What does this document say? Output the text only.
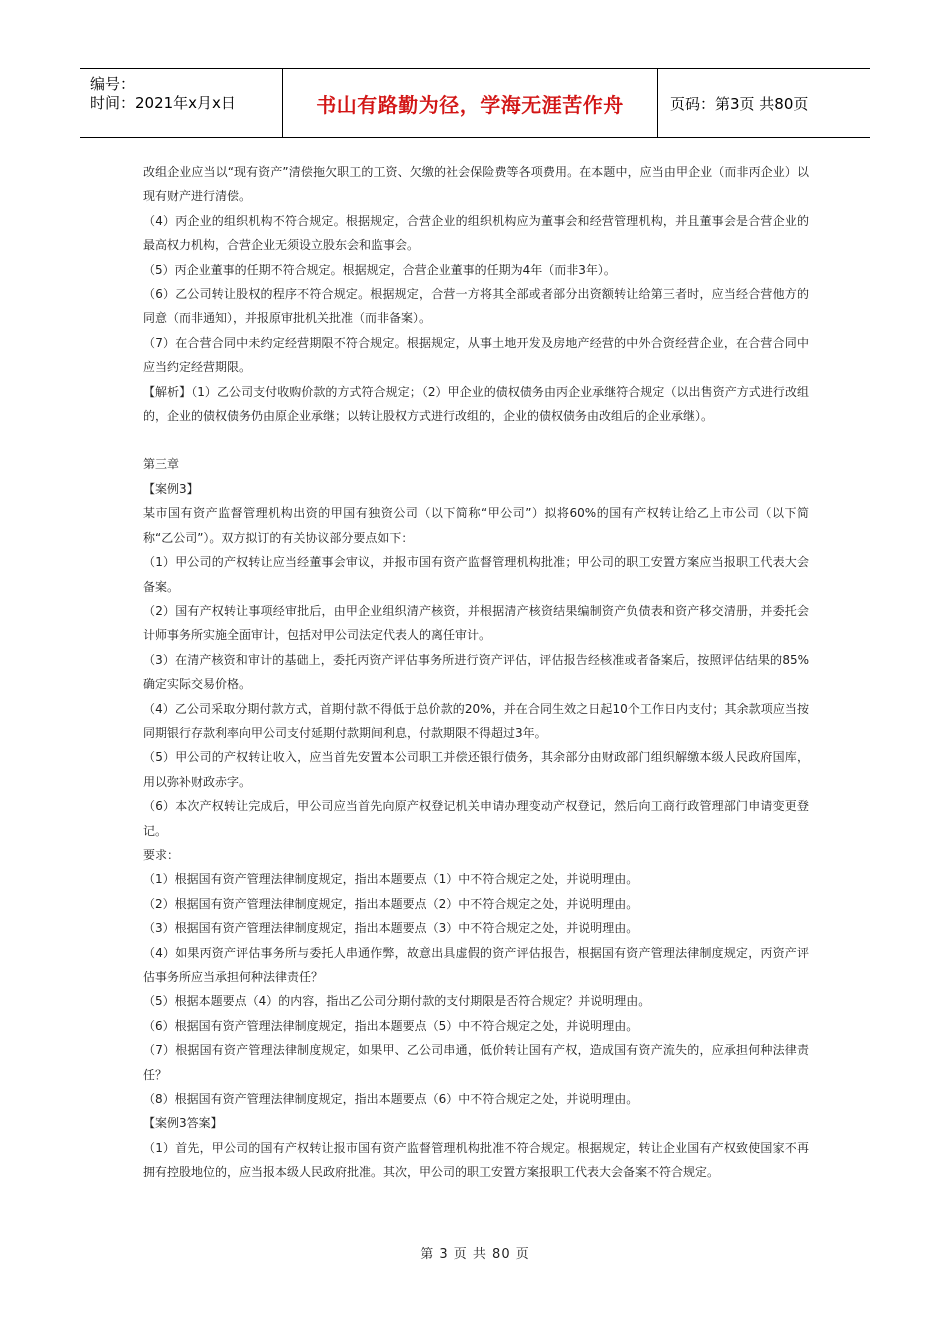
编号：
时间：2021年x月x日	书山有路勤为径，学海无涯苦作舟	页码：第3页 共80页

改组企业应当以“现有资产”清偿拖欠职工的工资、欠缴的社会保险费等各项费用。在本题中，应当由甲企业（而非丙企业）以现有财产进行清偿。

（4）丙企业的组织机构不符合规定。根据规定，合营企业的组织机构应为董事会和经营管理机构，并且董事会是合营企业的最高权力机构，合营企业无须设立股东会和监事会。

（5）丙企业董事的任期不符合规定。根据规定，合营企业董事的任期为4年（而非3年）。

（6）乙公司转让股权的程序不符合规定。根据规定，合营一方将其全部或者部分出资额转让给第三者时，应当经合营他方的同意（而非通知），并报原审批机关批准（而非备案）。

（7）在合营合同中未约定经营期限不符合规定。根据规定，从事土地开发及房地产经营的中外合资经营企业，在合营合同中应当约定经营期限。

【解析】（1）乙公司支付收购价款的方式符合规定；（2）甲企业的债权债务由丙企业承继符合规定（以出售资产方式进行改组的，企业的债权债务仍由原企业承继；以转让股权方式进行改组的，企业的债权债务由改组后的企业承继）。

第三章

【案例3】

某市国有资产监督管理机构出资的甲国有独资公司（以下简称“甲公司”）拟将60%的国有产权转让给乙上市公司（以下简称“乙公司”）。双方拟订的有关协议部分要点如下：

（1）甲公司的产权转让应当经董事会审议，并报市国有资产监督管理机构批准；甲公司的职工安置方案应当报职工代表大会备案。

（2）国有产权转让事项经审批后，由甲企业组织清产核资，并根据清产核资结果编制资产负债表和资产移交清册，并委托会计师事务所实施全面审计，包括对甲公司法定代表人的离任审计。

（3）在清产核资和审计的基础上，委托丙资产评估事务所进行资产评估，评估报告经核准或者备案后，按照评估结果的85%确定实际交易价格。

（4）乙公司采取分期付款方式，首期付款不得低于总价款的20%，并在合同生效之日起10个工作日内支付；其余款项应当按同期银行存款利率向甲公司支付延期付款期间利息，付款期限不得超过3年。

（5）甲公司的产权转让收入，应当首先安置本公司职工并偿还银行债务，其余部分由财政部门组织解缴本级人民政府国库，用以弥补财政赤字。

（6）本次产权转让完成后，甲公司应当首先向原产权登记机关申请办理变动产权登记，然后向工商行政管理部门申请变更登记。

要求：

（1）根据国有资产管理法律制度规定，指出本题要点（1）中不符合规定之处，并说明理由。

（2）根据国有资产管理法律制度规定，指出本题要点（2）中不符合规定之处，并说明理由。

（3）根据国有资产管理法律制度规定，指出本题要点（3）中不符合规定之处，并说明理由。

（4）如果丙资产评估事务所与委托人串通作弊，故意出具虚假的资产评估报告，根据国有资产管理法律制度规定，丙资产评估事务所应当承担何种法律责任？

（5）根据本题要点（4）的内容，指出乙公司分期付款的支付期限是否符合规定？并说明理由。

（6）根据国有资产管理法律制度规定，指出本题要点（5）中不符合规定之处，并说明理由。

（7）根据国有资产管理法律制度规定，如果甲、乙公司串通，低价转让国有产权，造成国有资产流失的，应承担何种法律责任？

（8）根据国有资产管理法律制度规定，指出本题要点（6）中不符合规定之处，并说明理由。

【案例3答案】

（1）首先，甲公司的国有产权转让报市国有资产监督管理机构批准不符合规定。根据规定，转让企业国有产权致使国家不再拥有控股地位的，应当报本级人民政府批准。其次，甲公司的职工安置方案报职工代表大会备案不符合规定。

第 3 页 共 80 页
